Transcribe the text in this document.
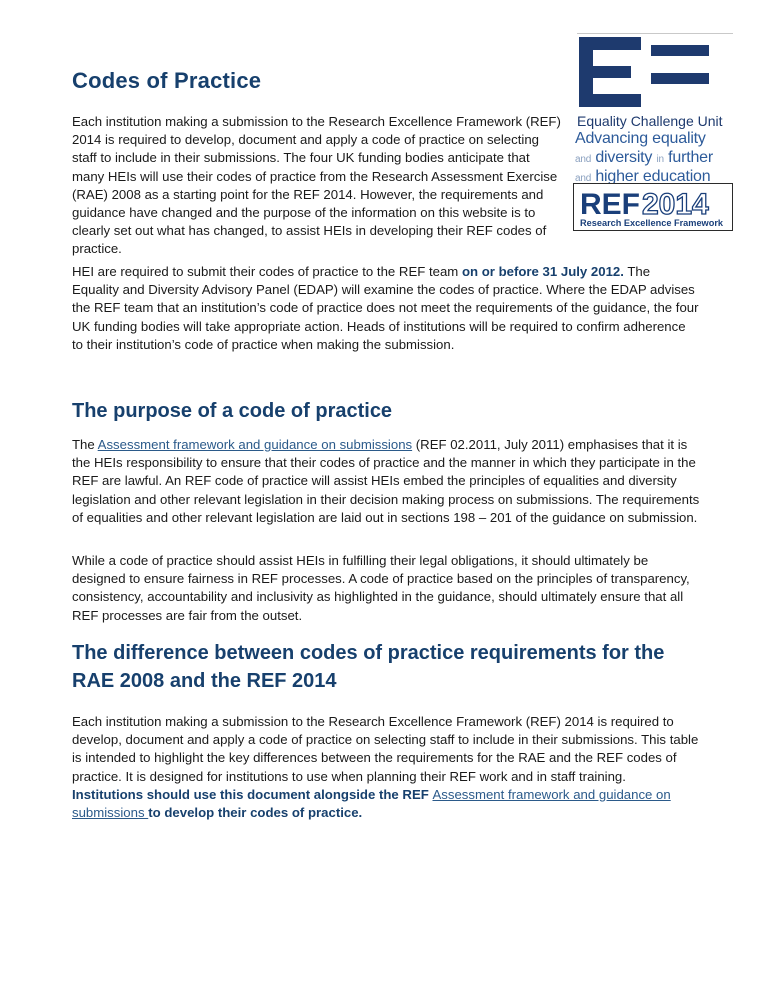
Equality Challenge Unit
Advancing equality
and diversity in further
and higher education
REF 2014
Research Excellence Framework
Codes of Practice

Each institution making a submission to the Research Excellence Framework (REF) 2014 is required to develop, document and apply a code of practice on selecting staff to include in their submissions. The four UK funding bodies anticipate that many HEIs will use their codes of practice from the Research Assessment Exercise (RAE) 2008 as a starting point for the REF 2014. However, the requirements and guidance have changed and the purpose of the information on this website is to clearly set out what has changed, to assist HEIs in developing their REF codes of practice.

HEI are required to submit their codes of practice to the REF team on or before 31 July 2012. The Equality and Diversity Advisory Panel (EDAP) will examine the codes of practice. Where the EDAP advises the REF team that an institution’s code of practice does not meet the requirements of the guidance, the four UK funding bodies will take appropriate action. Heads of institutions will be required to confirm adherence to their institution’s code of practice when making the submission.

The purpose of a code of practice

The Assessment framework and guidance on submissions (REF 02.2011, July 2011) emphasises that it is the HEIs responsibility to ensure that their codes of practice and the manner in which they participate in the REF are lawful. An REF code of practice will assist HEIs embed the principles of equalities and diversity legislation and other relevant legislation in their decision making process on submissions. The requirements of equalities and other relevant legislation are laid out in sections 198 – 201 of the guidance on submission.

While a code of practice should assist HEIs in fulfilling their legal obligations, it should ultimately be designed to ensure fairness in REF processes. A code of practice based on the principles of transparency, consistency, accountability and inclusivity as highlighted in the guidance, should ultimately ensure that all REF processes are fair from the outset.

The difference between codes of practice requirements for the RAE 2008 and the REF 2014

Each institution making a submission to the Research Excellence Framework (REF) 2014 is required to develop, document and apply a code of practice on selecting staff to include in their submissions. This table is intended to highlight the key differences between the requirements for the RAE and the REF codes of practice. It is designed for institutions to use when planning their REF work and in staff training. Institutions should use this document alongside the REF Assessment framework and guidance on submissions to develop their codes of practice.
